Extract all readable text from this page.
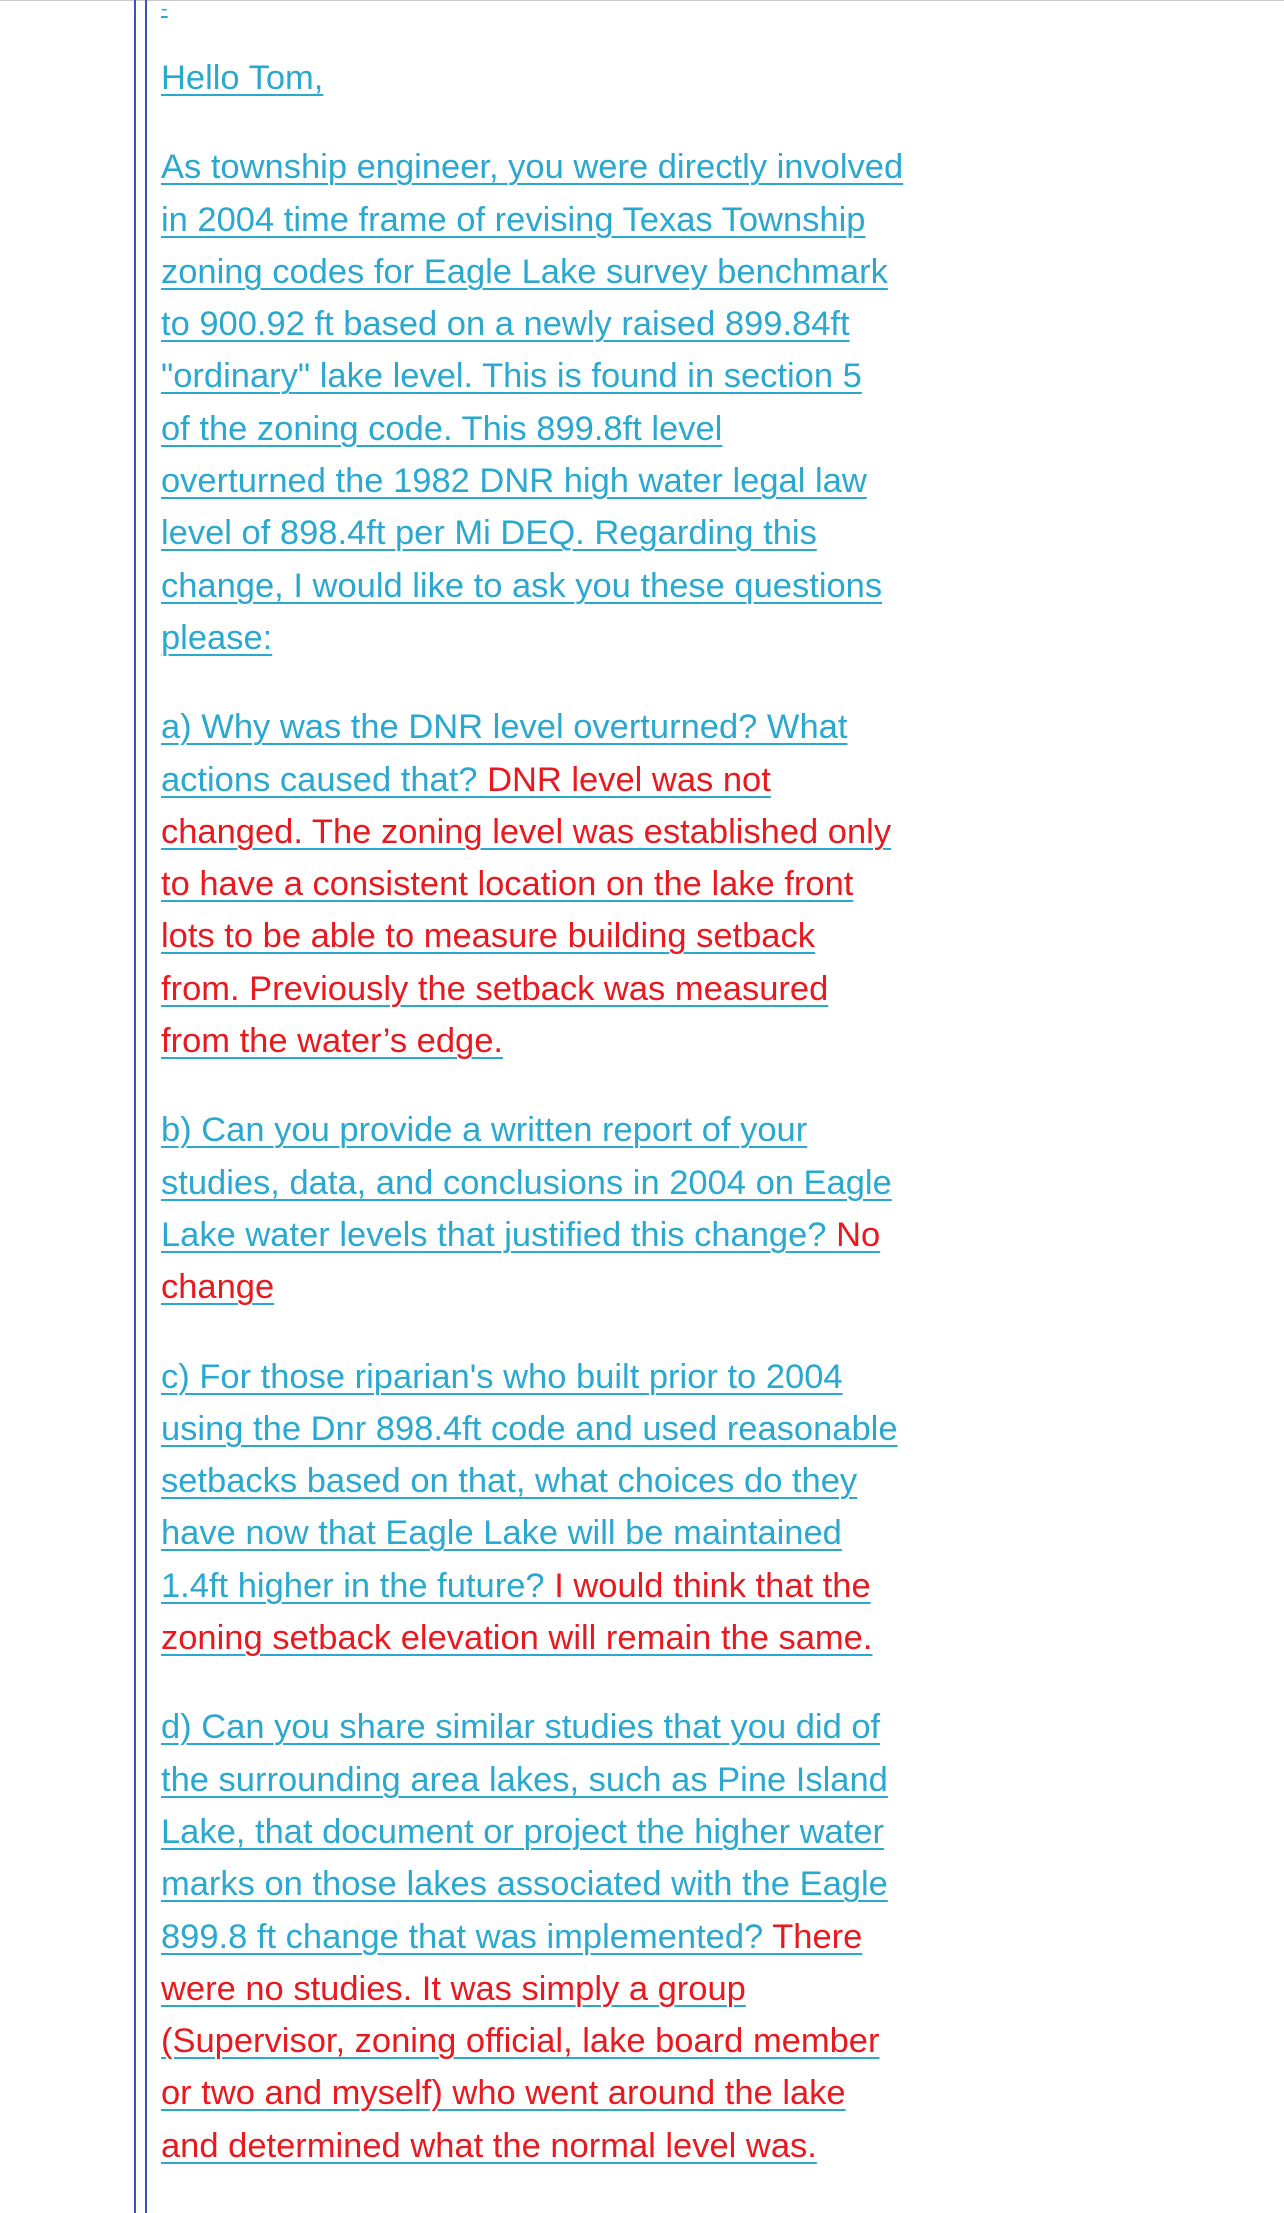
-

Hello Tom,

As township engineer, you were directly involved
in 2004 time frame of revising Texas Township
zoning codes for Eagle Lake survey benchmark
to 900.92 ft based on a newly raised 899.84ft
"ordinary" lake level. This is found in section 5
of the zoning code. This 899.8ft level
overturned the 1982 DNR high water legal law
level of 898.4ft per Mi DEQ. Regarding this
change, I would like to ask you these questions
please:

a) Why was the DNR level overturned? What
actions caused that? DNR level was not
changed. The zoning level was established only
to have a consistent location on the lake front
lots to be able to measure building setback
from. Previously the setback was measured
from the water’s edge.

b) Can you provide a written report of your
studies, data, and conclusions in 2004 on Eagle
Lake water levels that justified this change? No
change

c) For those riparian's who built prior to 2004
using the Dnr 898.4ft code and used reasonable
setbacks based on that, what choices do they
have now that Eagle Lake will be maintained
1.4ft higher in the future? I would think that the
zoning setback elevation will remain the same.

d) Can you share similar studies that you did of
the surrounding area lakes, such as Pine Island
Lake, that document or project the higher water
marks on those lakes associated with the Eagle
899.8 ft change that was implemented? There
were no studies. It was simply a group
(Supervisor, zoning official, lake board member
or two and myself) who went around the lake
and determined what the normal level was.
